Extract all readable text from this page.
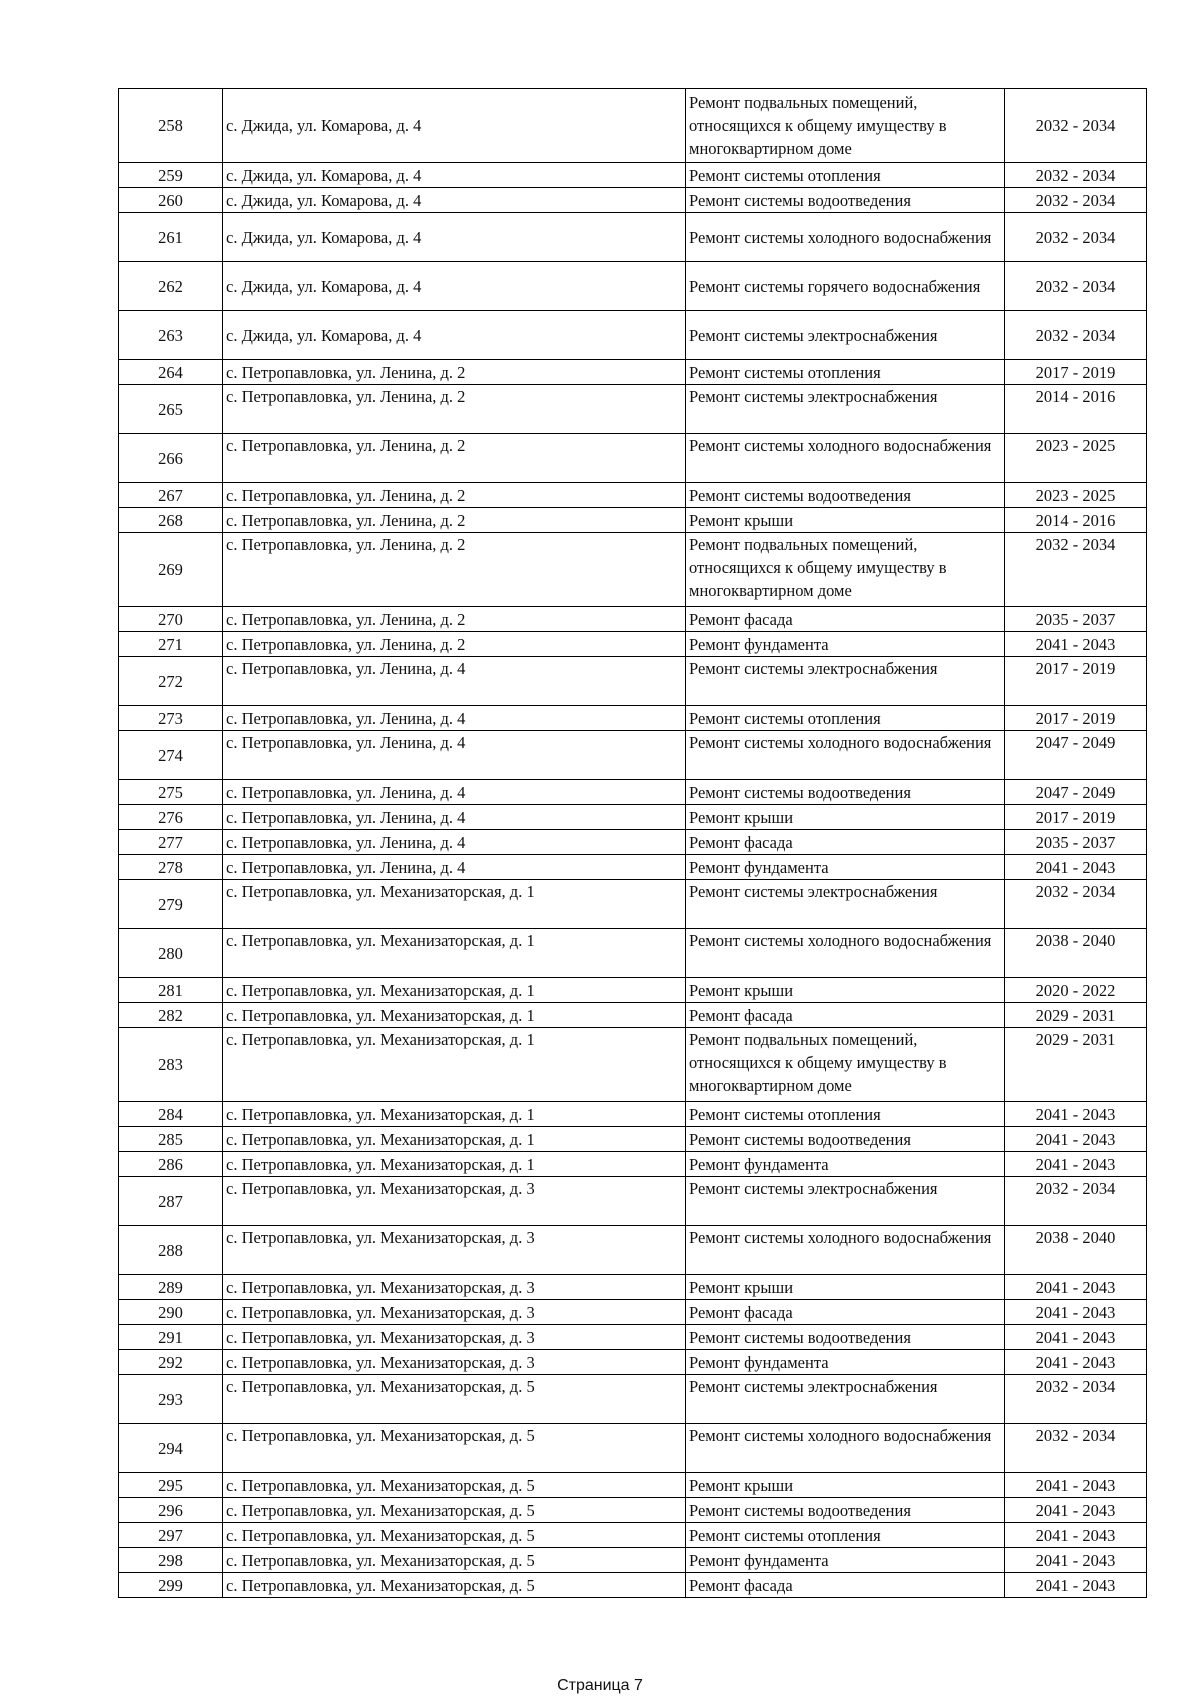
258	с. Джида, ул. Комарова, д. 4	Ремонт подвальных помещений, относящихся к общему имуществу в многоквартирном доме	2032 - 2034
259	с. Джида, ул. Комарова, д. 4	Ремонт системы отопления	2032 - 2034
260	с. Джида, ул. Комарова, д. 4	Ремонт системы водоотведения	2032 - 2034
261	с. Джида, ул. Комарова, д. 4	Ремонт системы холодного водоснабжения	2032 - 2034
262	с. Джида, ул. Комарова, д. 4	Ремонт системы горячего водоснабжения	2032 - 2034
263	с. Джида, ул. Комарова, д. 4	Ремонт системы электроснабжения	2032 - 2034
264	с. Петропавловка, ул. Ленина, д. 2	Ремонт системы отопления	2017 - 2019
265	с. Петропавловка, ул. Ленина, д. 2	Ремонт системы электроснабжения	2014 - 2016
266	с. Петропавловка, ул. Ленина, д. 2	Ремонт системы холодного водоснабжения	2023 - 2025
267	с. Петропавловка, ул. Ленина, д. 2	Ремонт системы водоотведения	2023 - 2025
268	с. Петропавловка, ул. Ленина, д. 2	Ремонт крыши	2014 - 2016
269	с. Петропавловка, ул. Ленина, д. 2	Ремонт подвальных помещений, относящихся к общему имуществу в многоквартирном доме	2032 - 2034
270	с. Петропавловка, ул. Ленина, д. 2	Ремонт фасада	2035 - 2037
271	с. Петропавловка, ул. Ленина, д. 2	Ремонт фундамента	2041 - 2043
272	с. Петропавловка, ул. Ленина, д. 4	Ремонт системы электроснабжения	2017 - 2019
273	с. Петропавловка, ул. Ленина, д. 4	Ремонт системы отопления	2017 - 2019
274	с. Петропавловка, ул. Ленина, д. 4	Ремонт системы холодного водоснабжения	2047 - 2049
275	с. Петропавловка, ул. Ленина, д. 4	Ремонт системы водоотведения	2047 - 2049
276	с. Петропавловка, ул. Ленина, д. 4	Ремонт крыши	2017 - 2019
277	с. Петропавловка, ул. Ленина, д. 4	Ремонт фасада	2035 - 2037
278	с. Петропавловка, ул. Ленина, д. 4	Ремонт фундамента	2041 - 2043
279	с. Петропавловка, ул. Механизаторская, д. 1	Ремонт системы электроснабжения	2032 - 2034
280	с. Петропавловка, ул. Механизаторская, д. 1	Ремонт системы холодного водоснабжения	2038 - 2040
281	с. Петропавловка, ул. Механизаторская, д. 1	Ремонт крыши	2020 - 2022
282	с. Петропавловка, ул. Механизаторская, д. 1	Ремонт фасада	2029 - 2031
283	с. Петропавловка, ул. Механизаторская, д. 1	Ремонт подвальных помещений, относящихся к общему имуществу в многоквартирном доме	2029 - 2031
284	с. Петропавловка, ул. Механизаторская, д. 1	Ремонт системы отопления	2041 - 2043
285	с. Петропавловка, ул. Механизаторская, д. 1	Ремонт системы водоотведения	2041 - 2043
286	с. Петропавловка, ул. Механизаторская, д. 1	Ремонт фундамента	2041 - 2043
287	с. Петропавловка, ул. Механизаторская, д. 3	Ремонт системы электроснабжения	2032 - 2034
288	с. Петропавловка, ул. Механизаторская, д. 3	Ремонт системы холодного водоснабжения	2038 - 2040
289	с. Петропавловка, ул. Механизаторская, д. 3	Ремонт крыши	2041 - 2043
290	с. Петропавловка, ул. Механизаторская, д. 3	Ремонт фасада	2041 - 2043
291	с. Петропавловка, ул. Механизаторская, д. 3	Ремонт системы водоотведения	2041 - 2043
292	с. Петропавловка, ул. Механизаторская, д. 3	Ремонт фундамента	2041 - 2043
293	с. Петропавловка, ул. Механизаторская, д. 5	Ремонт системы электроснабжения	2032 - 2034
294	с. Петропавловка, ул. Механизаторская, д. 5	Ремонт системы холодного водоснабжения	2032 - 2034
295	с. Петропавловка, ул. Механизаторская, д. 5	Ремонт крыши	2041 - 2043
296	с. Петропавловка, ул. Механизаторская, д. 5	Ремонт системы водоотведения	2041 - 2043
297	с. Петропавловка, ул. Механизаторская, д. 5	Ремонт системы отопления	2041 - 2043
298	с. Петропавловка, ул. Механизаторская, д. 5	Ремонт фундамента	2041 - 2043
299	с. Петропавловка, ул. Механизаторская, д. 5	Ремонт фасада	2041 - 2043
Страница 7
